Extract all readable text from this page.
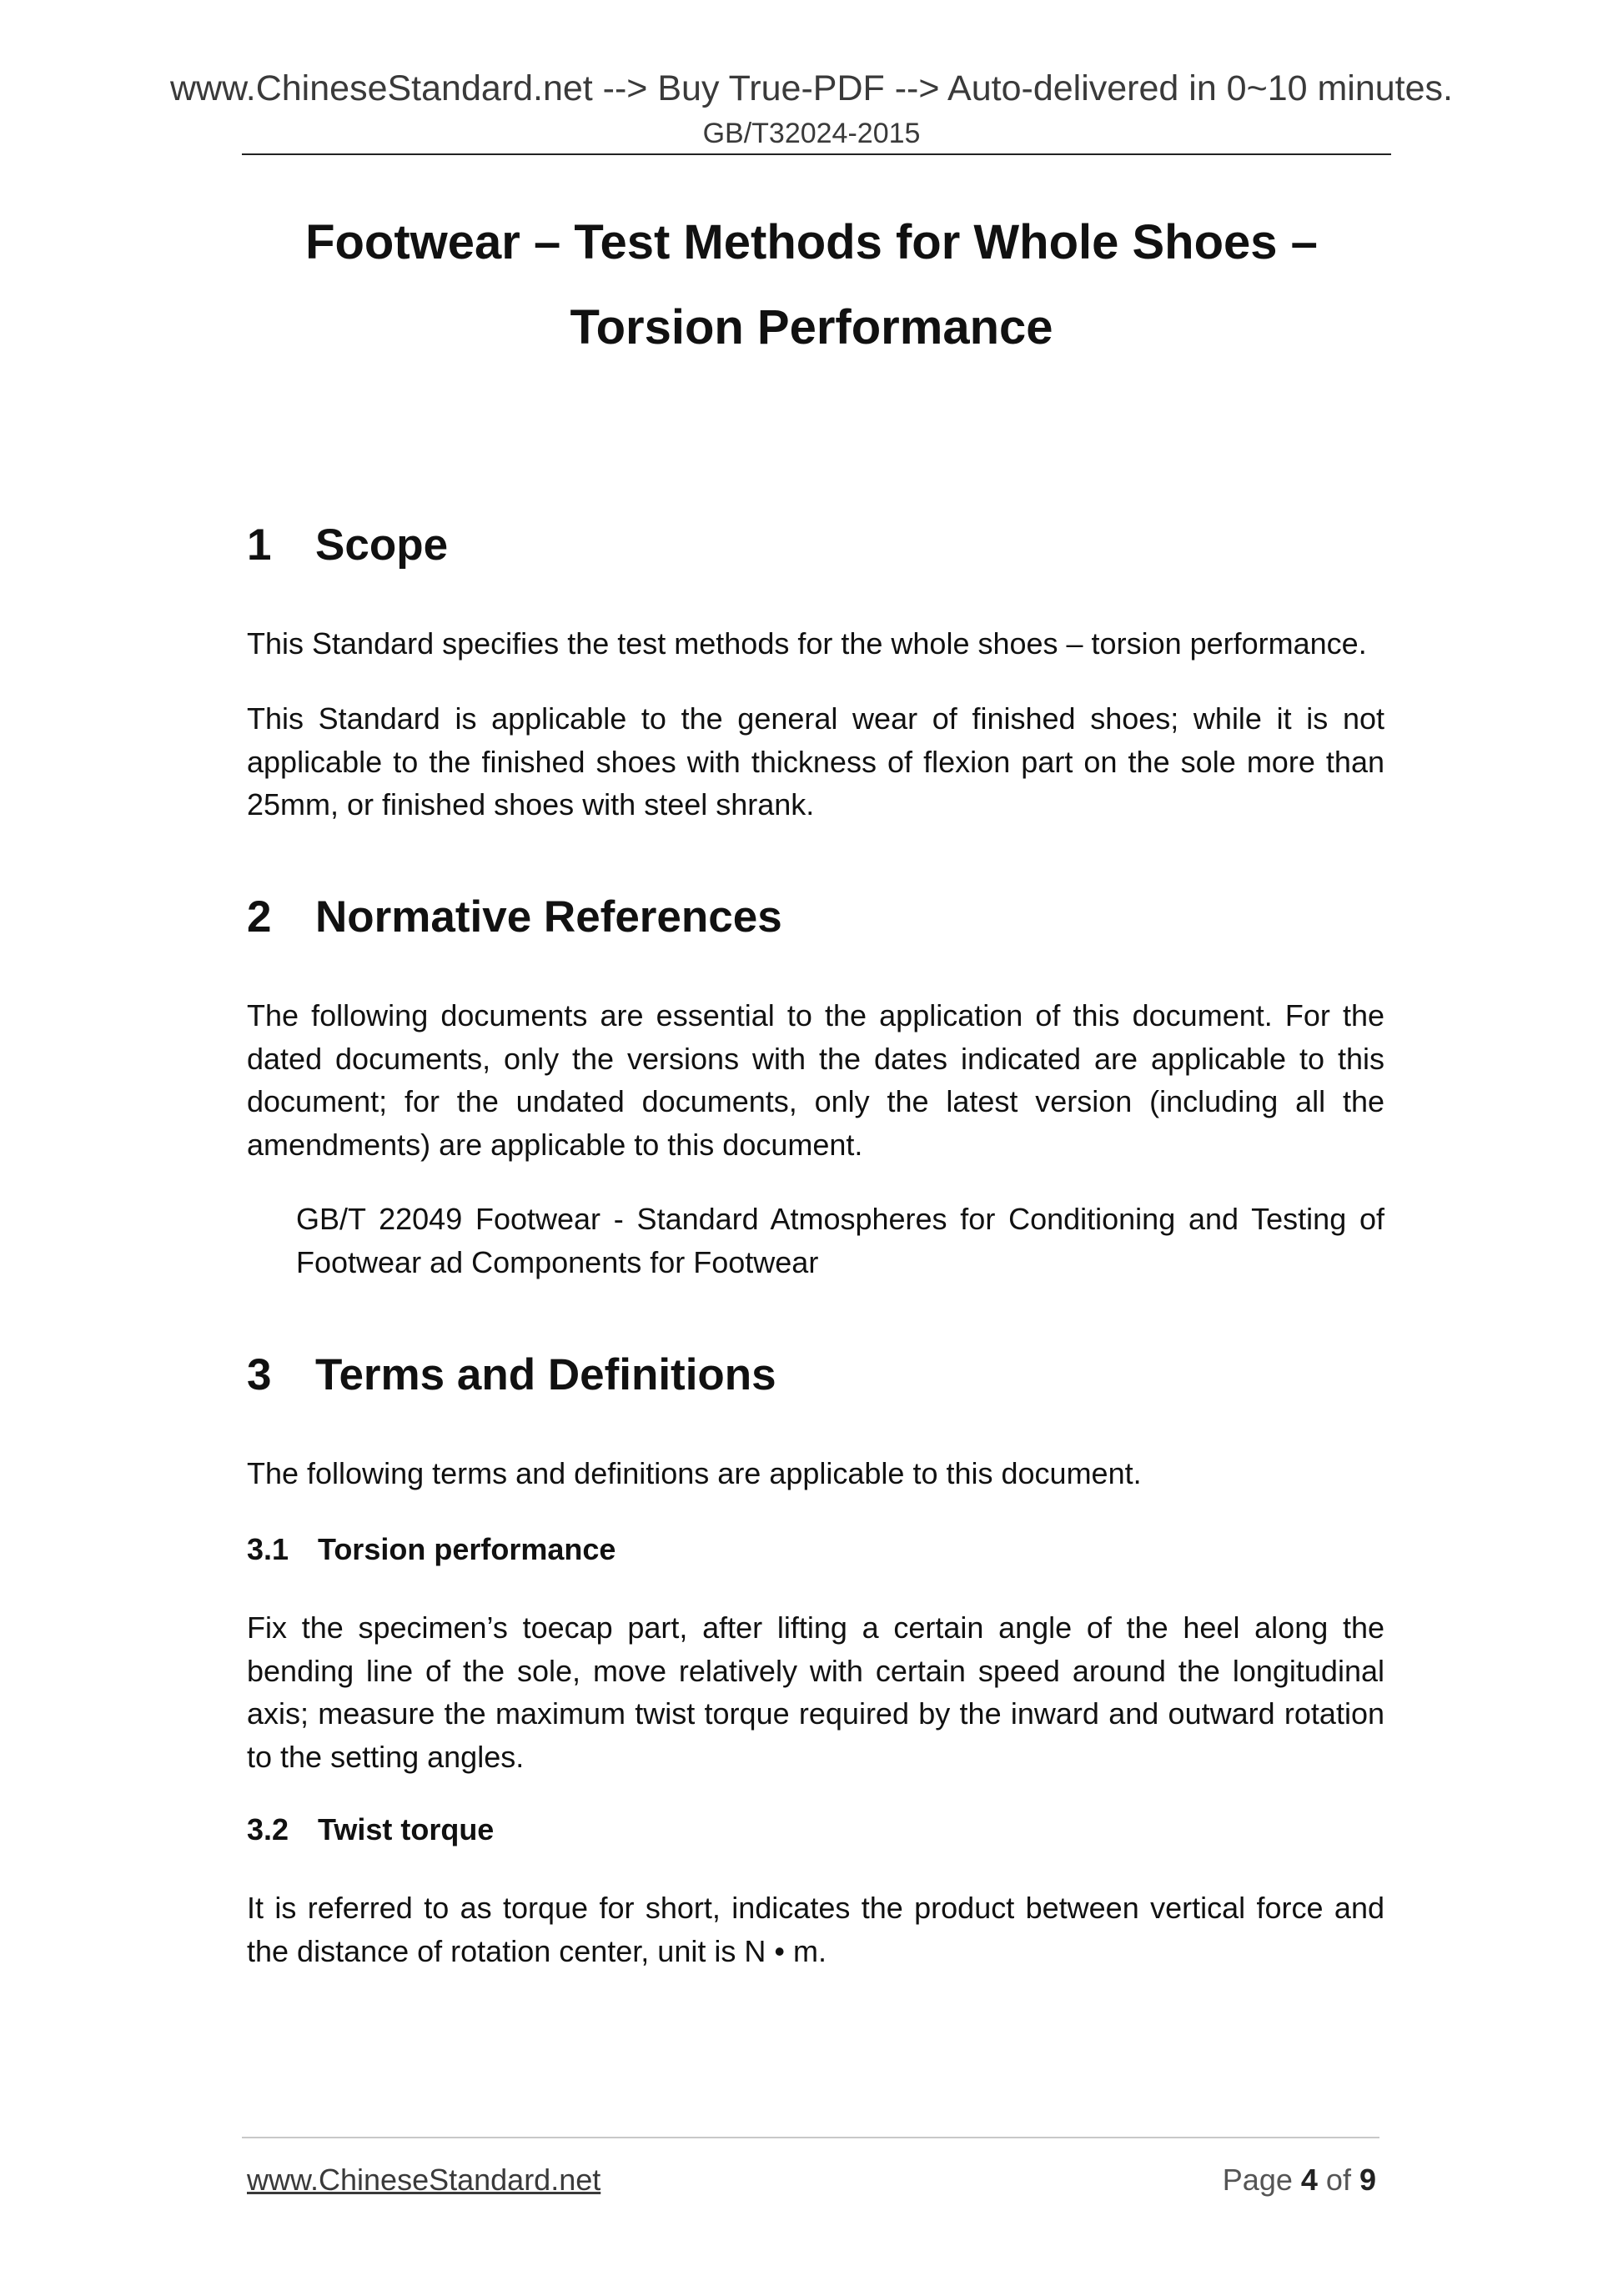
www.ChineseStandard.net --> Buy True-PDF --> Auto-delivered in 0~10 minutes.
GB/T32024-2015
Footwear – Test Methods for Whole Shoes –
Torsion Performance
1 Scope
This Standard specifies the test methods for the whole shoes – torsion performance.
This Standard is applicable to the general wear of finished shoes; while it is not applicable to the finished shoes with thickness of flexion part on the sole more than 25mm, or finished shoes with steel shrank.
2 Normative References
The following documents are essential to the application of this document. For the dated documents, only the versions with the dates indicated are applicable to this document; for the undated documents, only the latest version (including all the amendments) are applicable to this document.
GB/T 22049 Footwear - Standard Atmospheres for Conditioning and Testing of Footwear ad Components for Footwear
3 Terms and Definitions
The following terms and definitions are applicable to this document.
3.1 Torsion performance
Fix the specimen’s toecap part, after lifting a certain angle of the heel along the bending line of the sole, move relatively with certain speed around the longitudinal axis; measure the maximum twist torque required by the inward and outward rotation to the setting angles.
3.2 Twist torque
It is referred to as torque for short, indicates the product between vertical force and the distance of rotation center, unit is N • m.
www.ChineseStandard.net	Page 4 of 9
